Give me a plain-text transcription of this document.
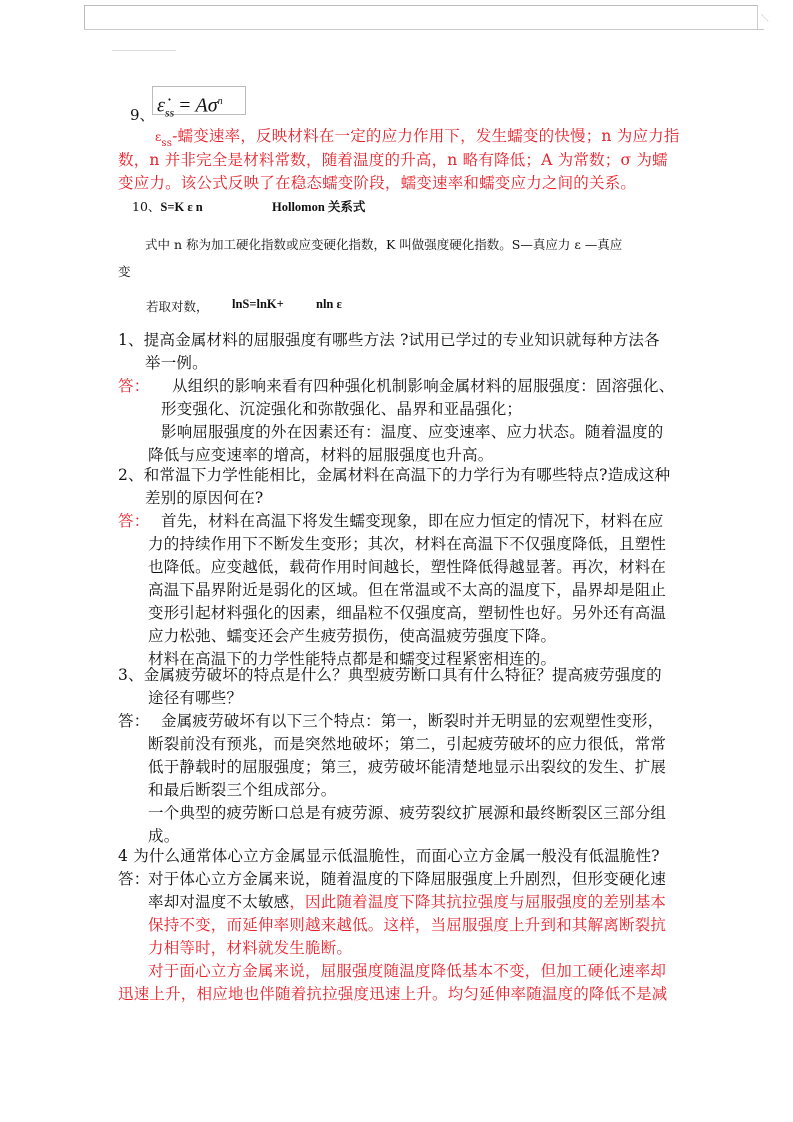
9、 $\varepsiloṅ_{ss} = A\sigma^n$
$\varepsilon_{ss}-$蠕变速率，反映材料在一定的应力作用下，发生蠕变的快慢；n 为应力指
数，n 并非完全是材料常数，随着温度的升高，n 略有降低；A 为常数；σ 为蠕
变应力。该公式反映了在稳态蠕变阶段，蠕变速率和蠕变应力之间的关系。
10、S=K ε n	Hollomon 关系式
式中 n 称为加工硬化指数或应变硬化指数，K 叫做强度硬化指数。S—真应力 ε —真应
变
若取对数， lnS=lnK+	nln ε
1、提高金属材料的屈服强度有哪些方法 ?试用已学过的专业知识就每种方法各
举一例。
答： 从组织的影响来看有四种强化机制影响金属材料的屈服强度：固溶强化、
形变强化、沉淀强化和弥散强化、晶界和亚晶强化；
影响屈服强度的外在因素还有：温度、应变速率、应力状态。随着温度的
降低与应变速率的增高，材料的屈服强度也升高。
2、和常温下力学性能相比，金属材料在高温下的力学行为有哪些特点?造成这种
差别的原因何在?
答： 首先，材料在高温下将发生蠕变现象，即在应力恒定的情况下，材料在应
力的持续作用下不断发生变形；其次，材料在高温下不仅强度降低，且塑性
也降低。应变越低，载荷作用时间越长，塑性降低得越显著。再次，材料在
高温下晶界附近是弱化的区域。但在常温或不太高的温度下，晶界却是阻止
变形引起材料强化的因素，细晶粒不仅强度高，塑韧性也好。另外还有高温
应力松弛、蠕变还会产生疲劳损伤，使高温疲劳强度下降。
材料在高温下的力学性能特点都是和蠕变过程紧密相连的。
3、金属疲劳破坏的特点是什么？典型疲劳断口具有什么特征？提高疲劳强度的
途径有哪些？
答： 金属疲劳破坏有以下三个特点：第一，断裂时并无明显的宏观塑性变形，
断裂前没有预兆，而是突然地破坏；第二，引起疲劳破坏的应力很低，常常
低于静载时的屈服强度；第三，疲劳破坏能清楚地显示出裂纹的发生、扩展
和最后断裂三个组成部分。
一个典型的疲劳断口总是有疲劳源、疲劳裂纹扩展源和最终断裂区三部分组
成。
4 为什么通常体心立方金属显示低温脆性，而面心立方金属一般没有低温脆性?
答：
对于体心立方金属来说，随着温度的下降屈服强度上升剧烈，但形变硬化速
率却对温度不太敏感，因此随着温度下降其抗拉强度与屈服强度的差别基本
保持不变，而延伸率则越来越低。这样，当屈服强度上升到和其解离断裂抗
力相等时，材料就发生脆断。
对于面心立方金属来说，屈服强度随温度降低基本不变，但加工硬化速率却
迅速上升，相应地也伴随着抗拉强度迅速上升。均匀延伸率随温度的降低不是减
